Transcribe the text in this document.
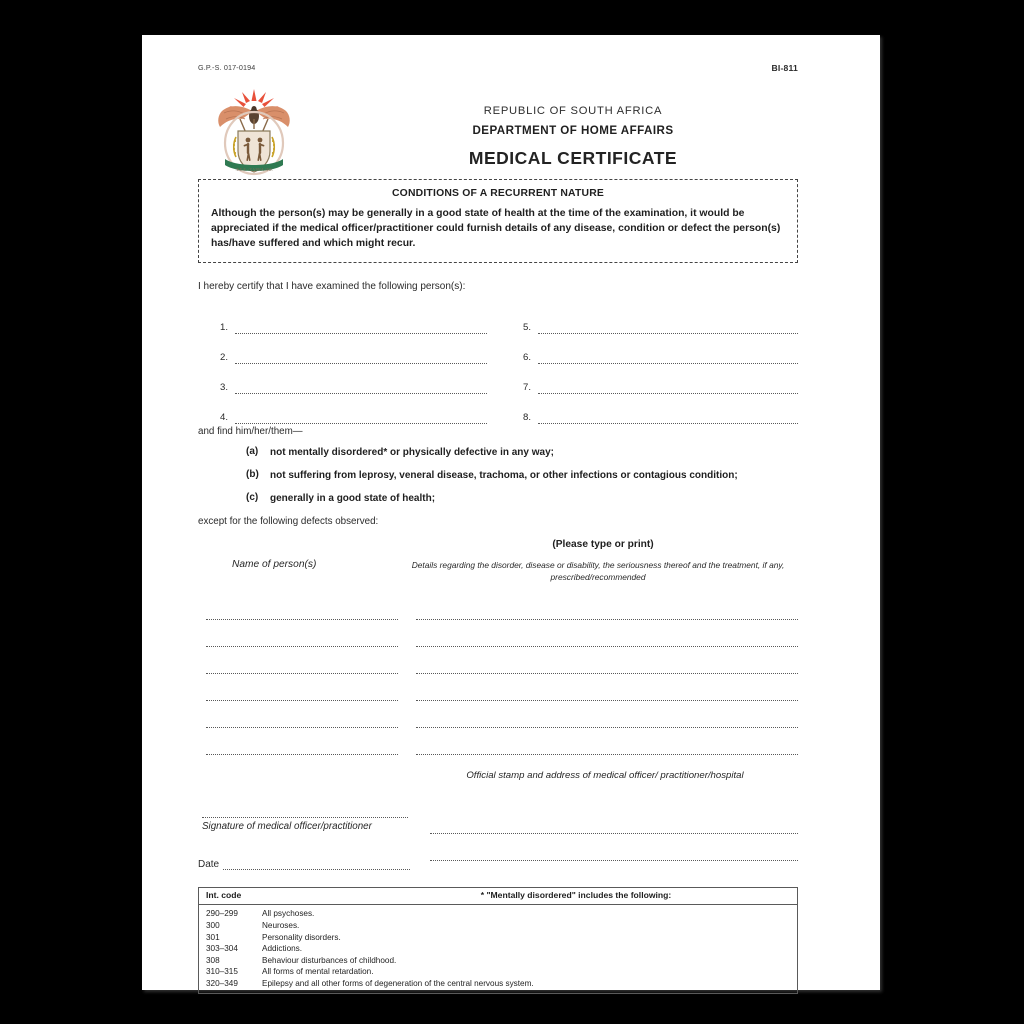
G.P.-S. 017-0194	BI-811
!KE E: /XARRA //KE
REPUBLIC OF SOUTH AFRICA
DEPARTMENT OF HOME AFFAIRS
MEDICAL CERTIFICATE
CONDITIONS OF A RECURRENT NATURE
Although the person(s) may be generally in a good state of health at the time of the examination, it would be appreciated if the medical officer/practitioner could furnish details of any disease, condition or defect the person(s) has/have suffered and which might recur.
I hereby certify that I have examined the following person(s):
1.
2.
3.
4.
5.
6.
7.
8.
and find him/her/them—
(a)	not mentally disordered* or physically defective in any way;
(b)	not suffering from leprosy, veneral disease, trachoma, or other infections or contagious condition;
(c)	generally in a good state of health;
except for the following defects observed:
(Please type or print)
Name of person(s)	Details regarding the disorder, disease or disability, the seriousness thereof and the treatment, if any, prescribed/recommended
Official stamp and address of medical officer/ practitioner/hospital
Signature of medical officer/practitioner
Date
Int. code	* "Mentally disordered" includes the following:
290–299	All psychoses.
300	Neuroses.
301	Personality disorders.
303–304	Addictions.
308	Behaviour disturbances of childhood.
310–315	All forms of mental retardation.
320–349	Epilepsy and all other forms of degeneration of the central nervous system.
